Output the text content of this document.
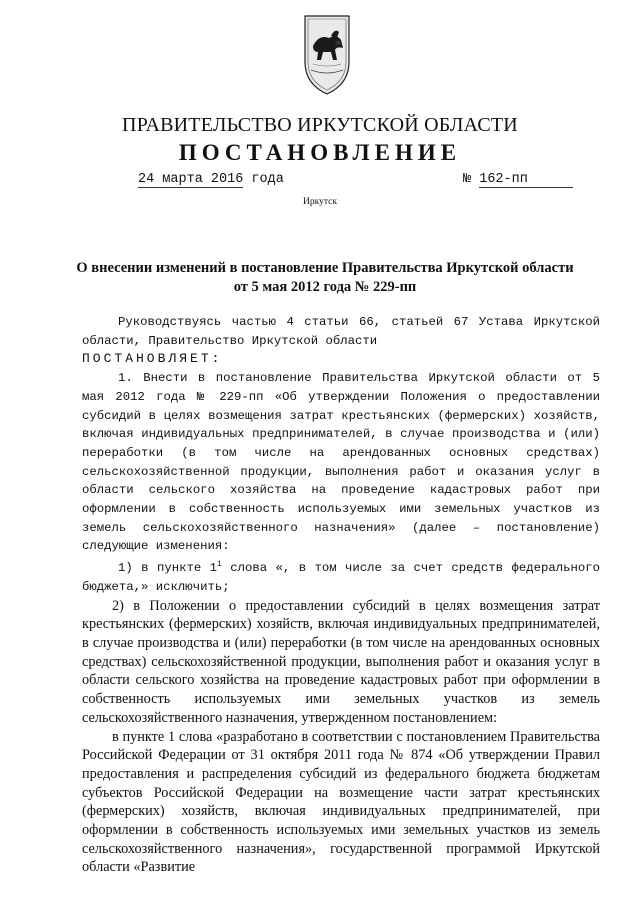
ПРАВИТЕЛЬСТВО ИРКУТСКОЙ ОБЛАСТИ
ПОСТАНОВЛЕНИЕ
24 марта 2016 года	№ 162-пп
Иркутск
О внесении изменений в постановление Правительства Иркутской области
от 5 мая 2012 года № 229-пп

Руководствуясь частью 4 статьи 66, статьей 67 Устава Иркутской области, Правительство Иркутской области

ПОСТАНОВЛЯЕТ:

1. Внести в постановление Правительства Иркутской области от 5 мая 2012 года № 229-пп «Об утверждении Положения о предоставлении субсидий в целях возмещения затрат крестьянских (фермерских) хозяйств, включая индивидуальных предпринимателей, в случае производства и (или) переработки (в том числе на арендованных основных средствах) сельскохозяйственной продукции, выполнения работ и оказания услуг в области сельского хозяйства на проведение кадастровых работ при оформлении в собственность используемых ими земельных участков из земель сельскохозяйственного назначения» (далее – постановление) следующие изменения:

1) в пункте $1^1$ слова «, в том числе за счет средств федерального бюджета,» исключить;

2) в Положении о предоставлении субсидий в целях возмещения затрат крестьянских (фермерских) хозяйств, включая индивидуальных предпринимателей, в случае производства и (или) переработки (в том числе на арендованных основных средствах) сельскохозяйственной продукции, выполнения работ и оказания услуг в области сельского хозяйства на проведение кадастровых работ при оформлении в собственность используемых ими земельных участков из земель сельскохозяйственного назначения, утвержденном постановлением:

в пункте 1 слова «разработано в соответствии с постановлением Правительства Российской Федерации от 31 октября 2011 года № 874 «Об утверждении Правил предоставления и распределения субсидий из федерального бюджета бюджетам субъектов Российской Федерации на возмещение части затрат крестьянских (фермерских) хозяйств, включая индивидуальных предпринимателей, при оформлении в собственность используемых ими земельных участков из земель сельскохозяйственного назначения», государственной программой Иркутской области «Развитие
